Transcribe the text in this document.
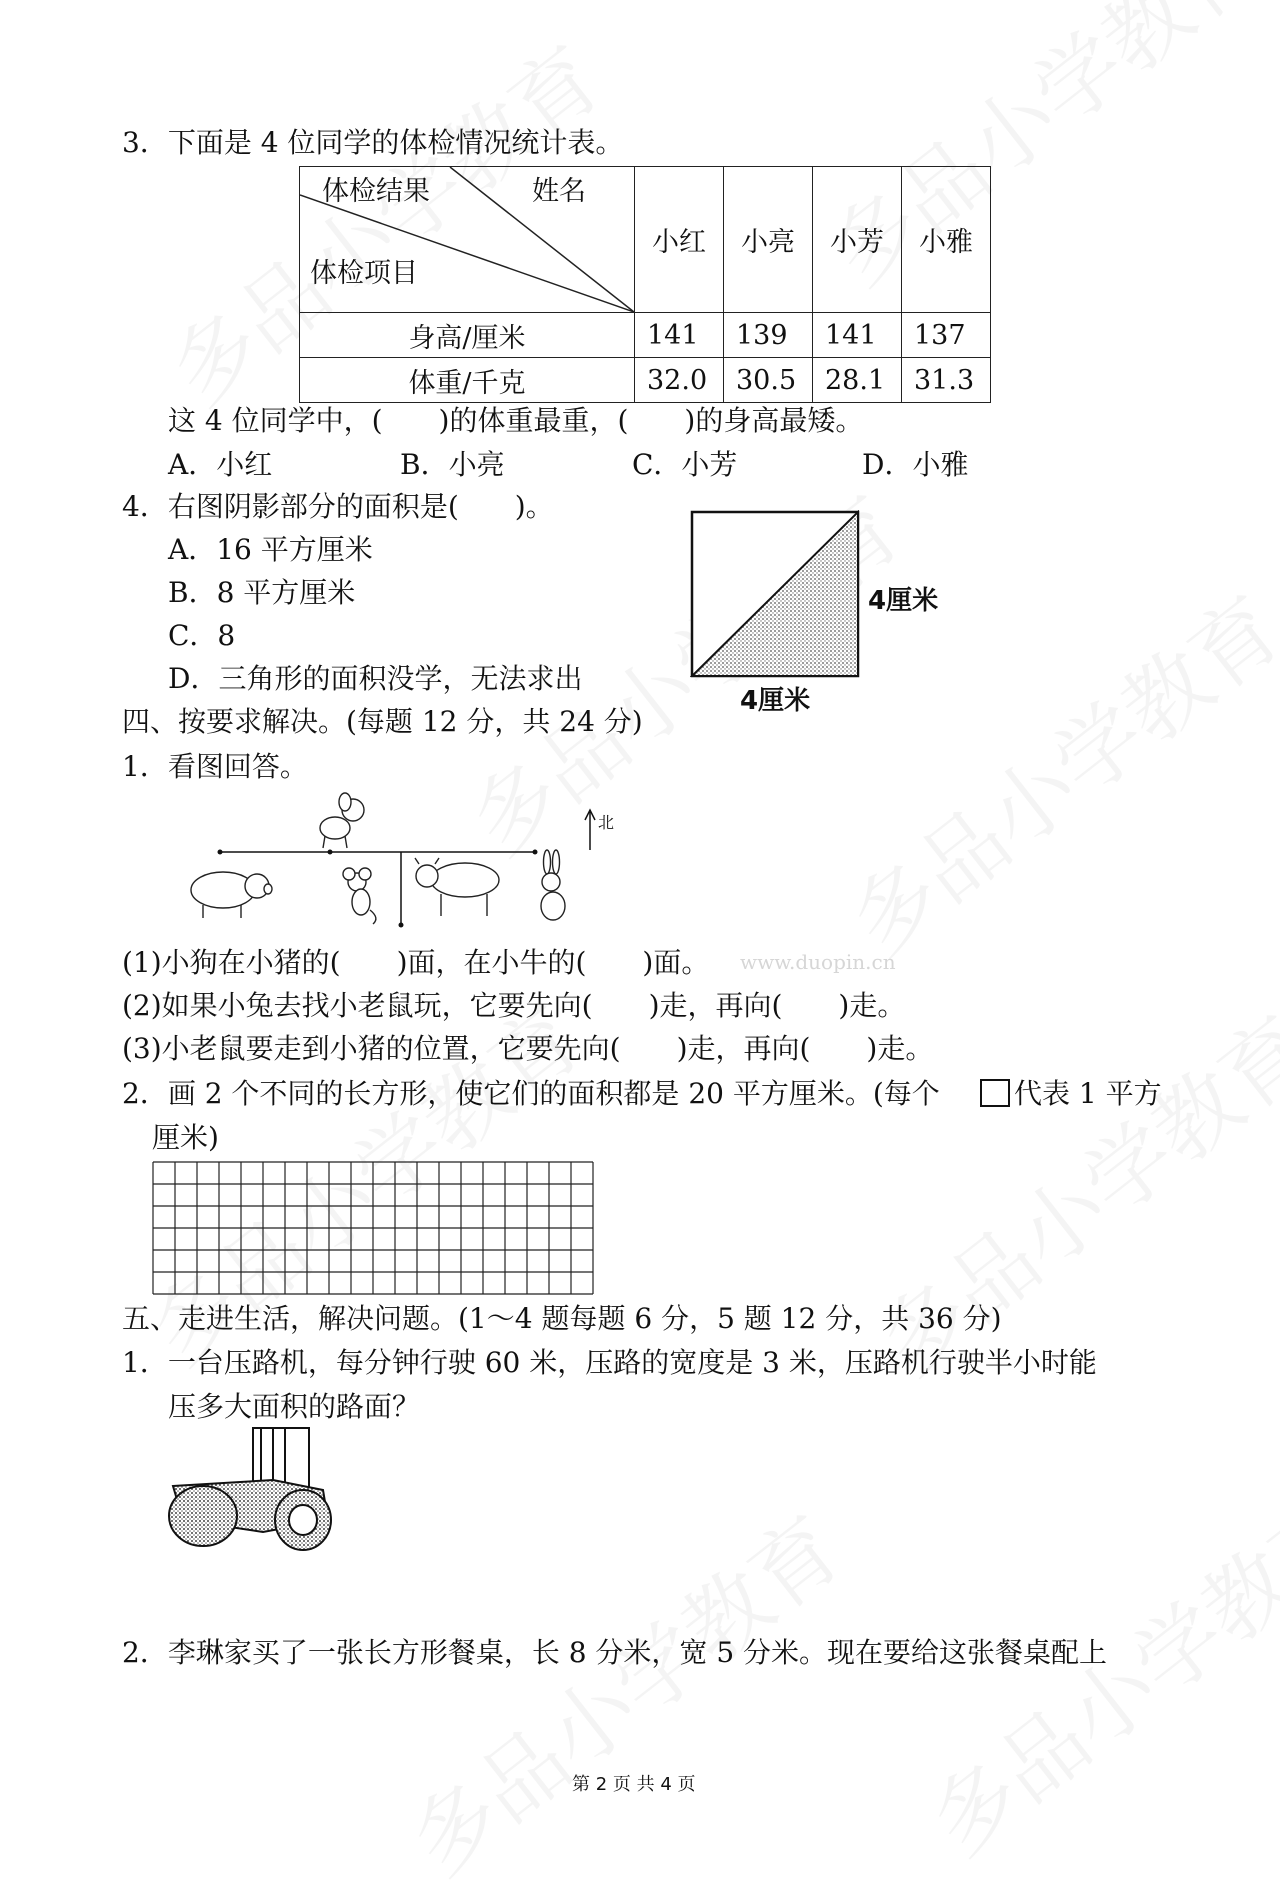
3．下面是 4 位同学的体检情况统计表。
体检结果 姓名
体检项目	小红	小亮	小芳	小雅
身高/厘米	141	139	141	137
体重/千克	32.0	30.5	28.1	31.3
这 4 位同学中，(　　)的体重最重，(　　)的身高最矮。
A．小红	B．小亮	C．小芳	D．小雅
4．右图阴影部分的面积是(　　)。
A．16 平方厘米
B．8 平方厘米
C．8
D．三角形的面积没学，无法求出
4厘米
4厘米
四、按要求解决。(每题 12 分，共 24 分)
1．看图回答。
北
(1)小狗在小猪的(　　)面，在小牛的(　　)面。 www.duopin.cn
(2)如果小兔去找小老鼠玩，它要先向(　　)走，再向(　　)走。
(3)小老鼠要走到小猪的位置，它要先向(　　)走，再向(　　)走。
2．画 2 个不同的长方形，使它们的面积都是 20 平方厘米。(每个	代表 1 平方
厘米)
五、走进生活，解决问题。(1～4 题每题 6 分，5 题 12 分，共 36 分)
1．一台压路机，每分钟行驶 60 米，压路的宽度是 3 米，压路机行驶半小时能
压多大面积的路面？
2．李琳家买了一张长方形餐桌，长 8 分米，宽 5 分米。现在要给这张餐桌配上
第 2 页 共 4 页
